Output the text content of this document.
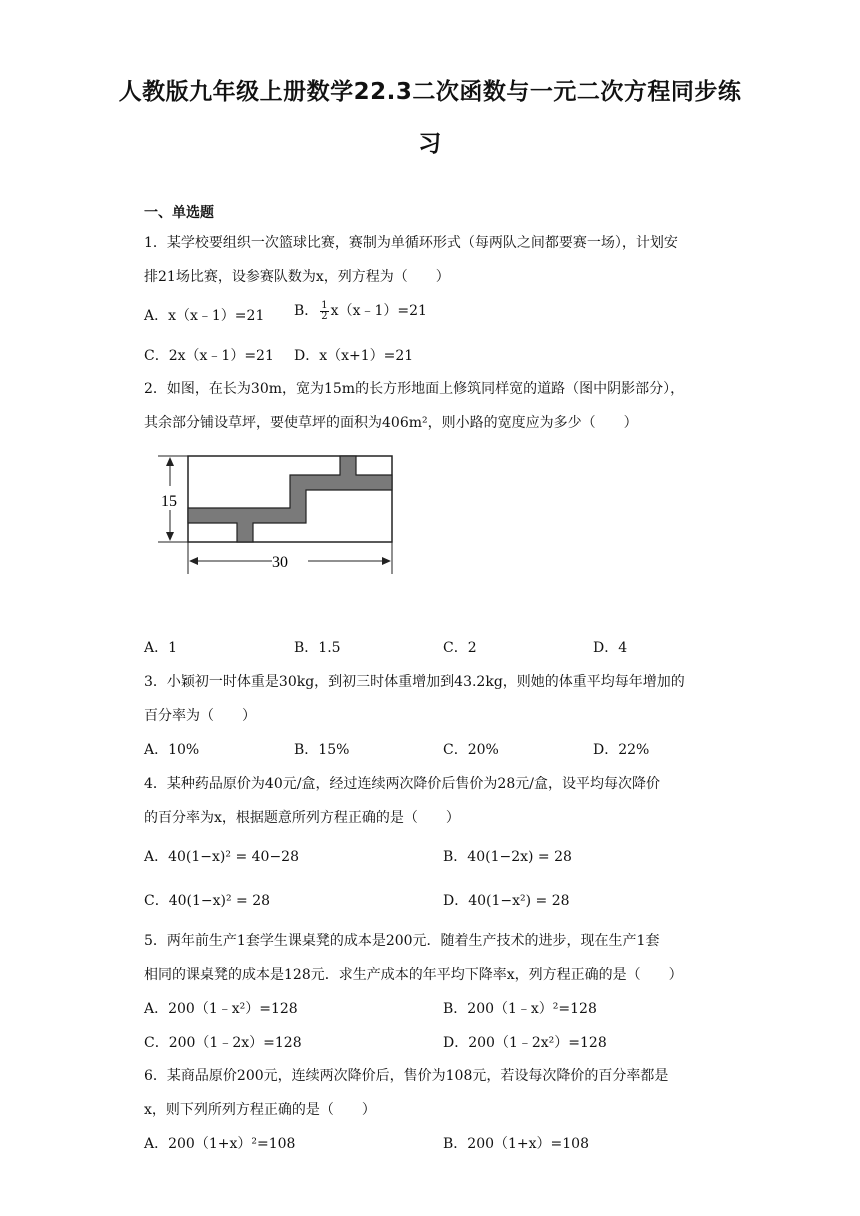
人教版九年级上册数学22.3二次函数与一元二次方程同步练
习
一、单选题
1．某学校要组织一次篮球比赛，赛制为单循环形式（每两队之间都要赛一场），计划安
排21场比赛，设参赛队数为x，列方程为（　　）
A．x（x﹣1）=21 B． $\frac{1}{2}$ x（x﹣1）=21
C．2x（x﹣1）=21 D．x（x+1）=21
2．如图，在长为30m，宽为15m的长方形地面上修筑同样宽的道路（图中阴影部分），
其余部分铺设草坪，要使草坪的面积为406m²，则小路的宽度应为多少（　　）
15
30
A．1	B．1.5	C．2	D．4
3．小颖初一时体重是30kg，到初三时体重增加到43.2kg，则她的体重平均每年增加的
百分率为（　　）
A．10%	B．15%	C．20%	D．22%
4．某种药品原价为40元/盒，经过连续两次降价后售价为28元/盒，设平均每次降价
的百分率为x，根据题意所列方程正确的是（　　）
A．40(1−x)² = 40−28	B．40(1−2x) = 28
C．40(1−x)² = 28	D．40(1−x²) = 28
5．两年前生产1套学生课桌凳的成本是200元．随着生产技术的进步，现在生产1套
相同的课桌凳的成本是128元．求生产成本的年平均下降率x，列方程正确的是（　　）
A．200（1﹣x²）=128	B．200（1﹣x）²=128
C．200（1﹣2x）=128	D．200（1﹣2x²）=128
6．某商品原价200元，连续两次降价后，售价为108元，若设每次降价的百分率都是
x，则下列所列方程正确的是（　　）
A．200（1+x）²=108	B．200（1+x）=108
